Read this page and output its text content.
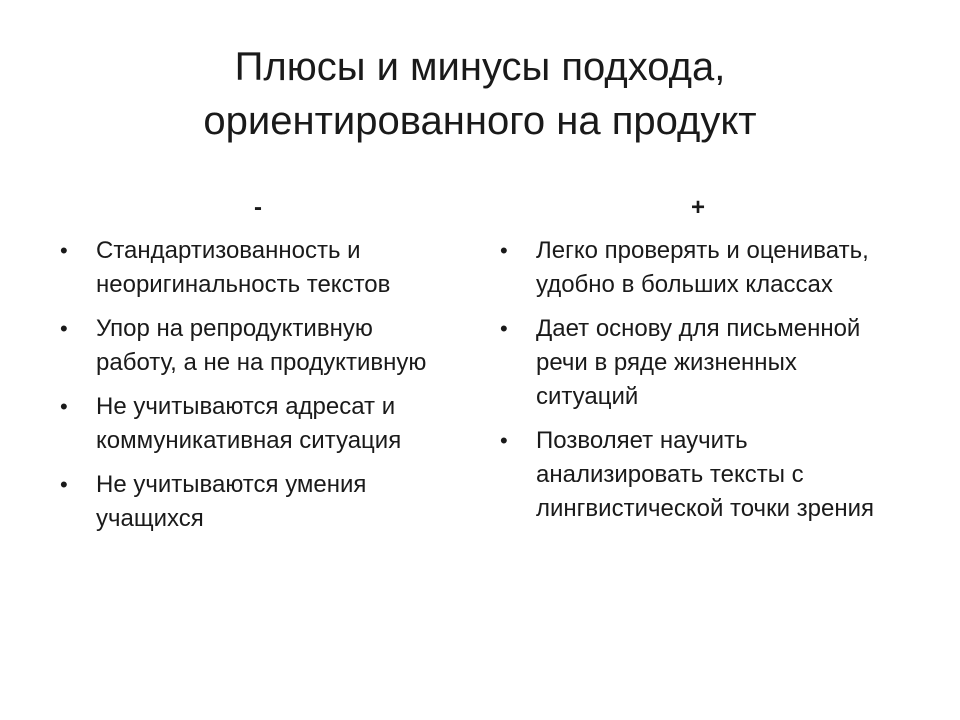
Плюсы и минусы подхода,
ориентированного на продукт
-
• Стандартизованность и неоригинальность текстов
• Упор на репродуктивную работу, а не на продуктивную
• Не учитываются адресат и коммуникативная ситуация
• Не учитываются умения учащихся
+
• Легко проверять и оценивать, удобно в больших классах
• Дает основу для письменной речи в ряде жизненных ситуаций
• Позволяет научить анализировать тексты с лингвистической точки зрения
